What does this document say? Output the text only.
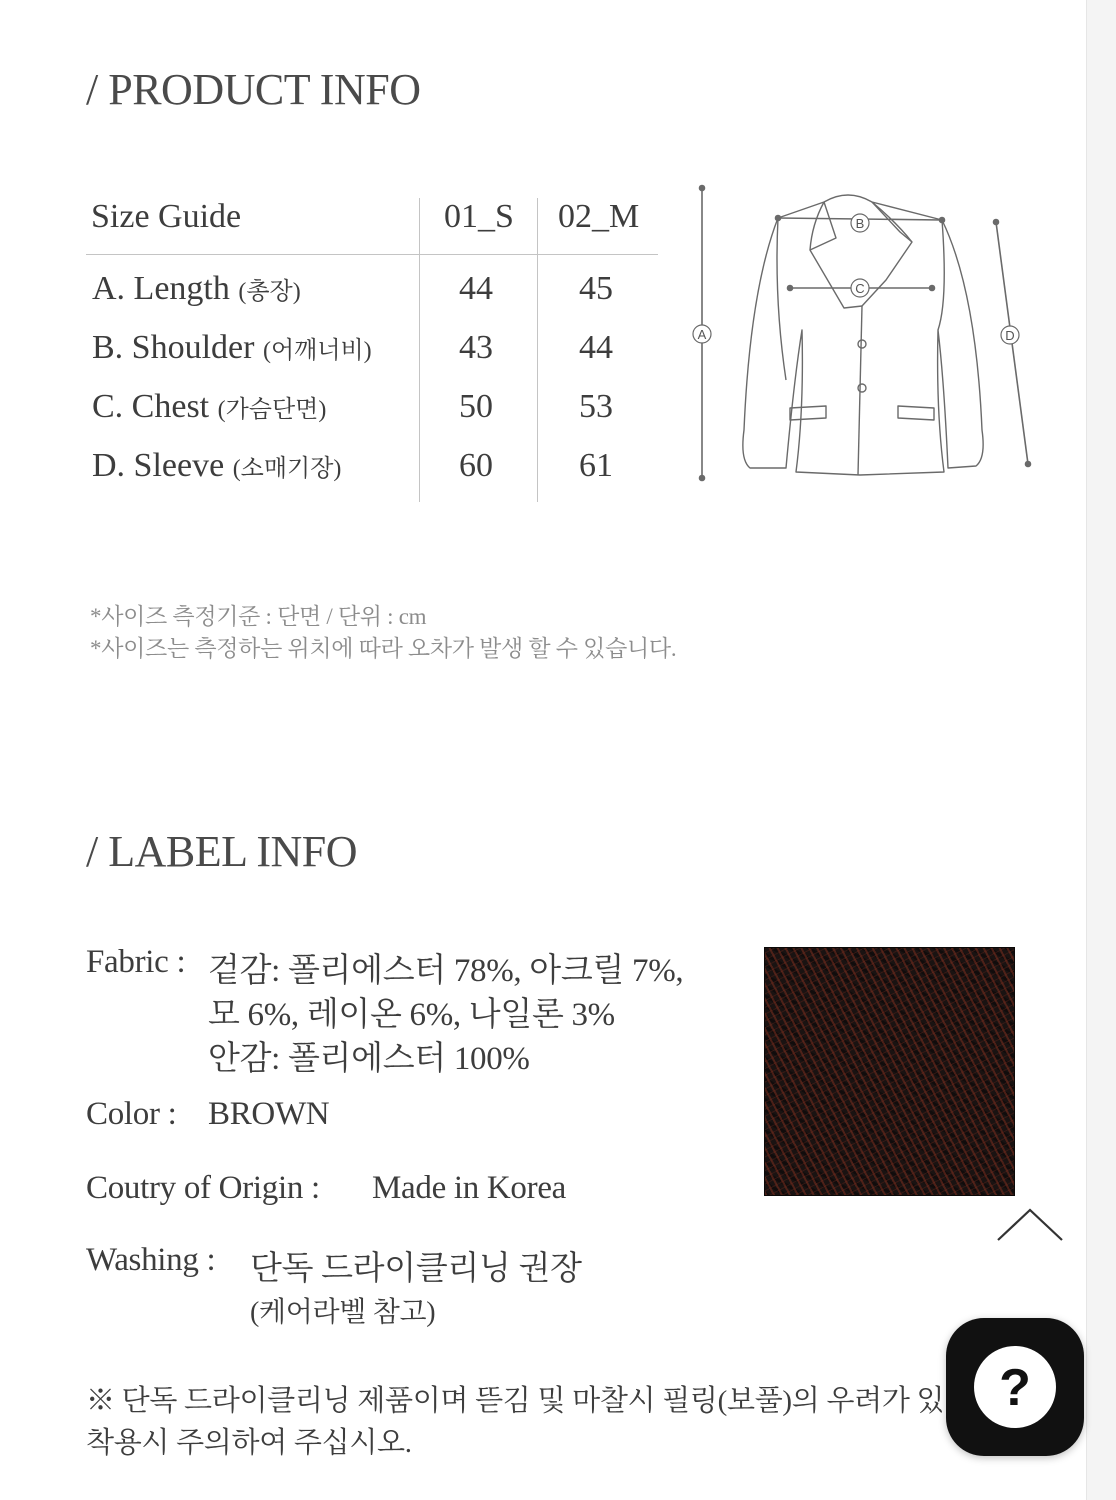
/ PRODUCT INFO
Size Guide	01_S 02_M
A. Length (총장)	44	45
B. Shoulder (어깨너비)	43	44
C. Chest (가슴단면)	50	53
D. Sleeve (소매기장)	60	61
A
B
C
D
*사이즈 측정기준 : 단면 / 단위 : cm
*사이즈는 측정하는 위치에 따라 오차가 발생 할 수 있습니다.
/ LABEL INFO
Fabric : 겉감: 폴리에스터 78%, 아크릴 7%,
모 6%, 레이온 6%, 나일론 3%
안감: 폴리에스터 100%
Color : BROWN
Coutry of Origin : Made in Korea
Washing : 단독 드라이클리닝 권장
(케어라벨 참고)
※ 단독 드라이클리닝 제품이며 뜯김 및 마찰시 필링(보풀)의 우려가 있
착용시 주의하여 주십시오.
?
